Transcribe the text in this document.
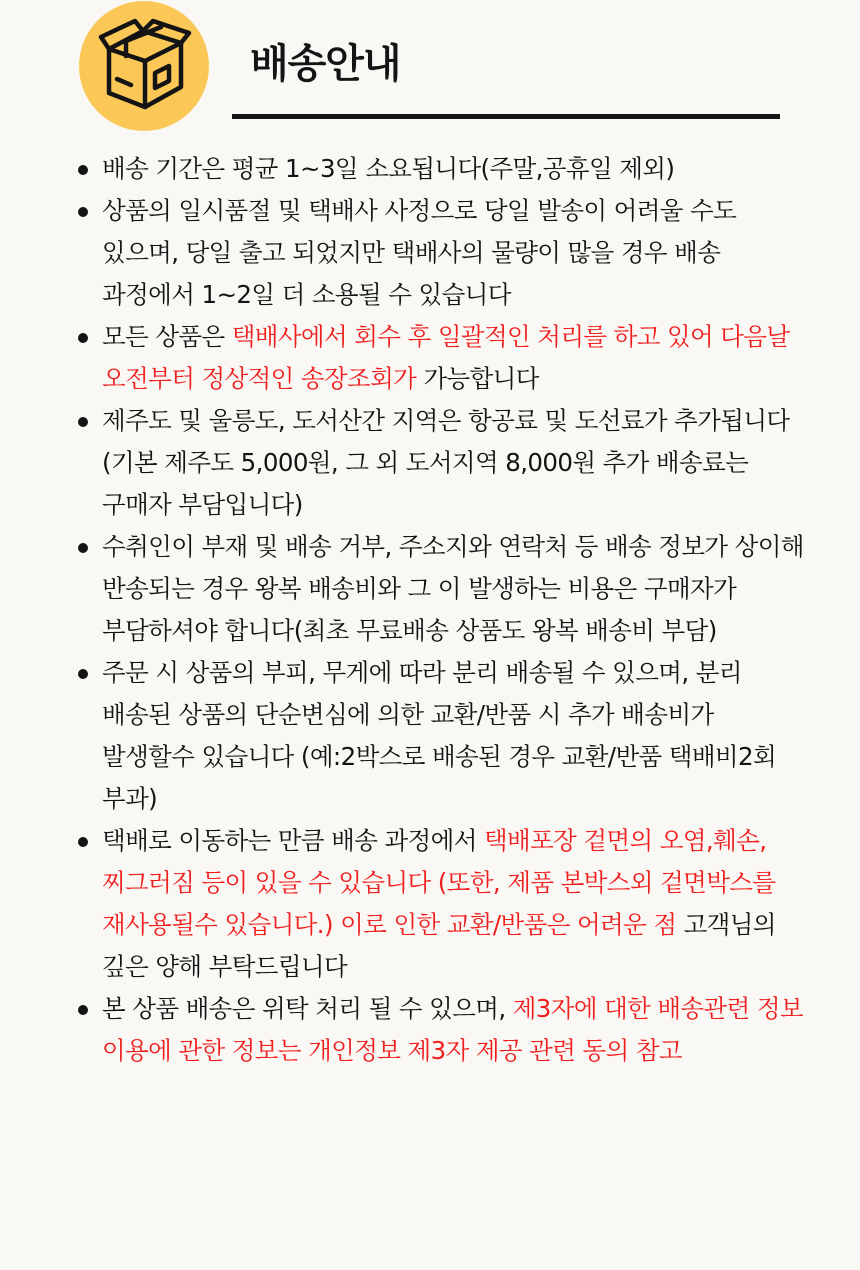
배송안내
배송 기간은 평균 1~3일 소요됩니다(주말,공휴일 제외)
상품의 일시품절 및 택배사 사정으로 당일 발송이 어려울 수도 있으며, 당일 출고 되었지만 택배사의 물량이 많을 경우 배송 과정에서 1~2일 더 소용될 수 있습니다
모든 상품은 택배사에서 회수 후 일괄적인 처리를 하고 있어 다음날 오전부터 정상적인 송장조회가 가능합니다
제주도 및 울릉도, 도서산간 지역은 항공료 및 도선료가 추가됩니다 (기본 제주도 5,000원, 그 외 도서지역 8,000원 추가 배송료는 구매자 부담입니다)
수취인이 부재 및 배송 거부, 주소지와 연락처 등 배송 정보가 상이해 반송되는 경우 왕복 배송비와 그 이 발생하는 비용은 구매자가 부담하셔야 합니다(최초 무료배송 상품도 왕복 배송비 부담)
주문 시 상품의 부피, 무게에 따라 분리 배송될 수 있으며, 분리 배송된 상품의 단순변심에 의한 교환/반품 시 추가 배송비가 발생할수 있습니다 (예:2박스로 배송된 경우 교환/반품 택배비2회 부과)
택배로 이동하는 만큼 배송 과정에서 택배포장 겉면의 오염,훼손,찌그러짐 등이 있을 수 있습니다 (또한, 제품 본박스외 겉면박스를 재사용될수 있습니다.) 이로 인한 교환/반품은 어려운 점 고객님의 깊은 양해 부탁드립니다
본 상품 배송은 위탁 처리 될 수 있으며, 제3자에 대한 배송관련 정보 이용에 관한 정보는 개인정보 제3자 제공 관련 동의 참고
